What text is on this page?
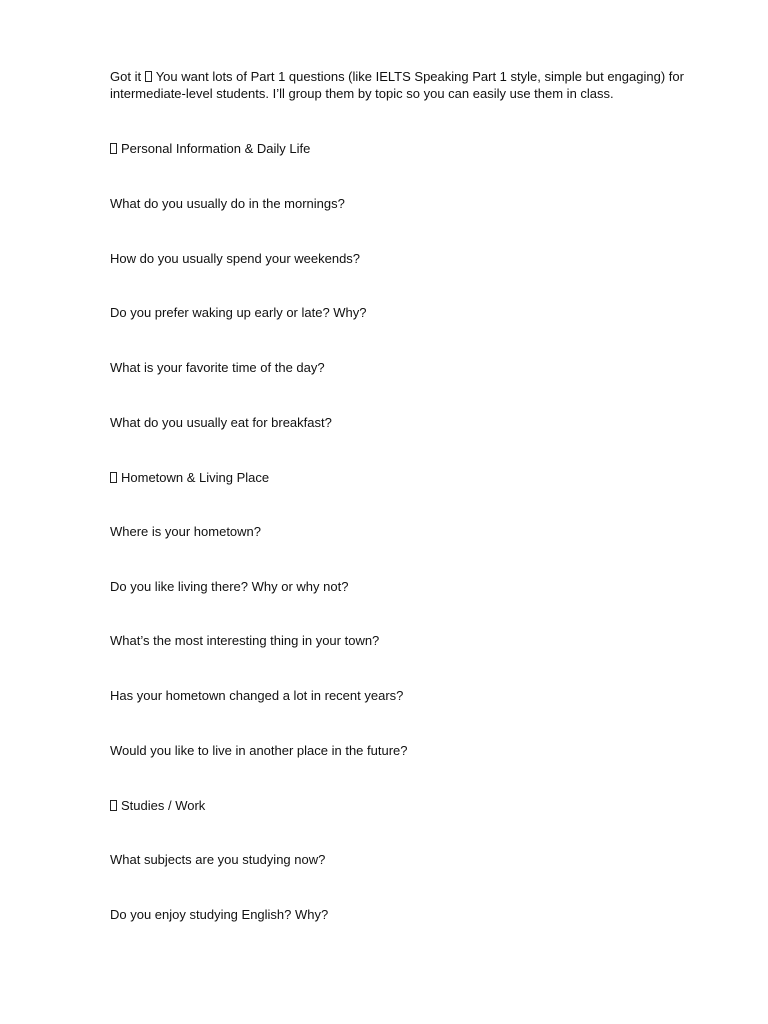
Got it You want lots of Part 1 questions (like IELTS Speaking Part 1 style, simple but engaging) for intermediate-level students. I’ll group them by topic so you can easily use them in class.

Personal Information & Daily Life

What do you usually do in the mornings?

How do you usually spend your weekends?

Do you prefer waking up early or late? Why?

What is your favorite time of the day?

What do you usually eat for breakfast?

Hometown & Living Place

Where is your hometown?

Do you like living there? Why or why not?

What’s the most interesting thing in your town?

Has your hometown changed a lot in recent years?

Would you like to live in another place in the future?

Studies / Work

What subjects are you studying now?

Do you enjoy studying English? Why?
